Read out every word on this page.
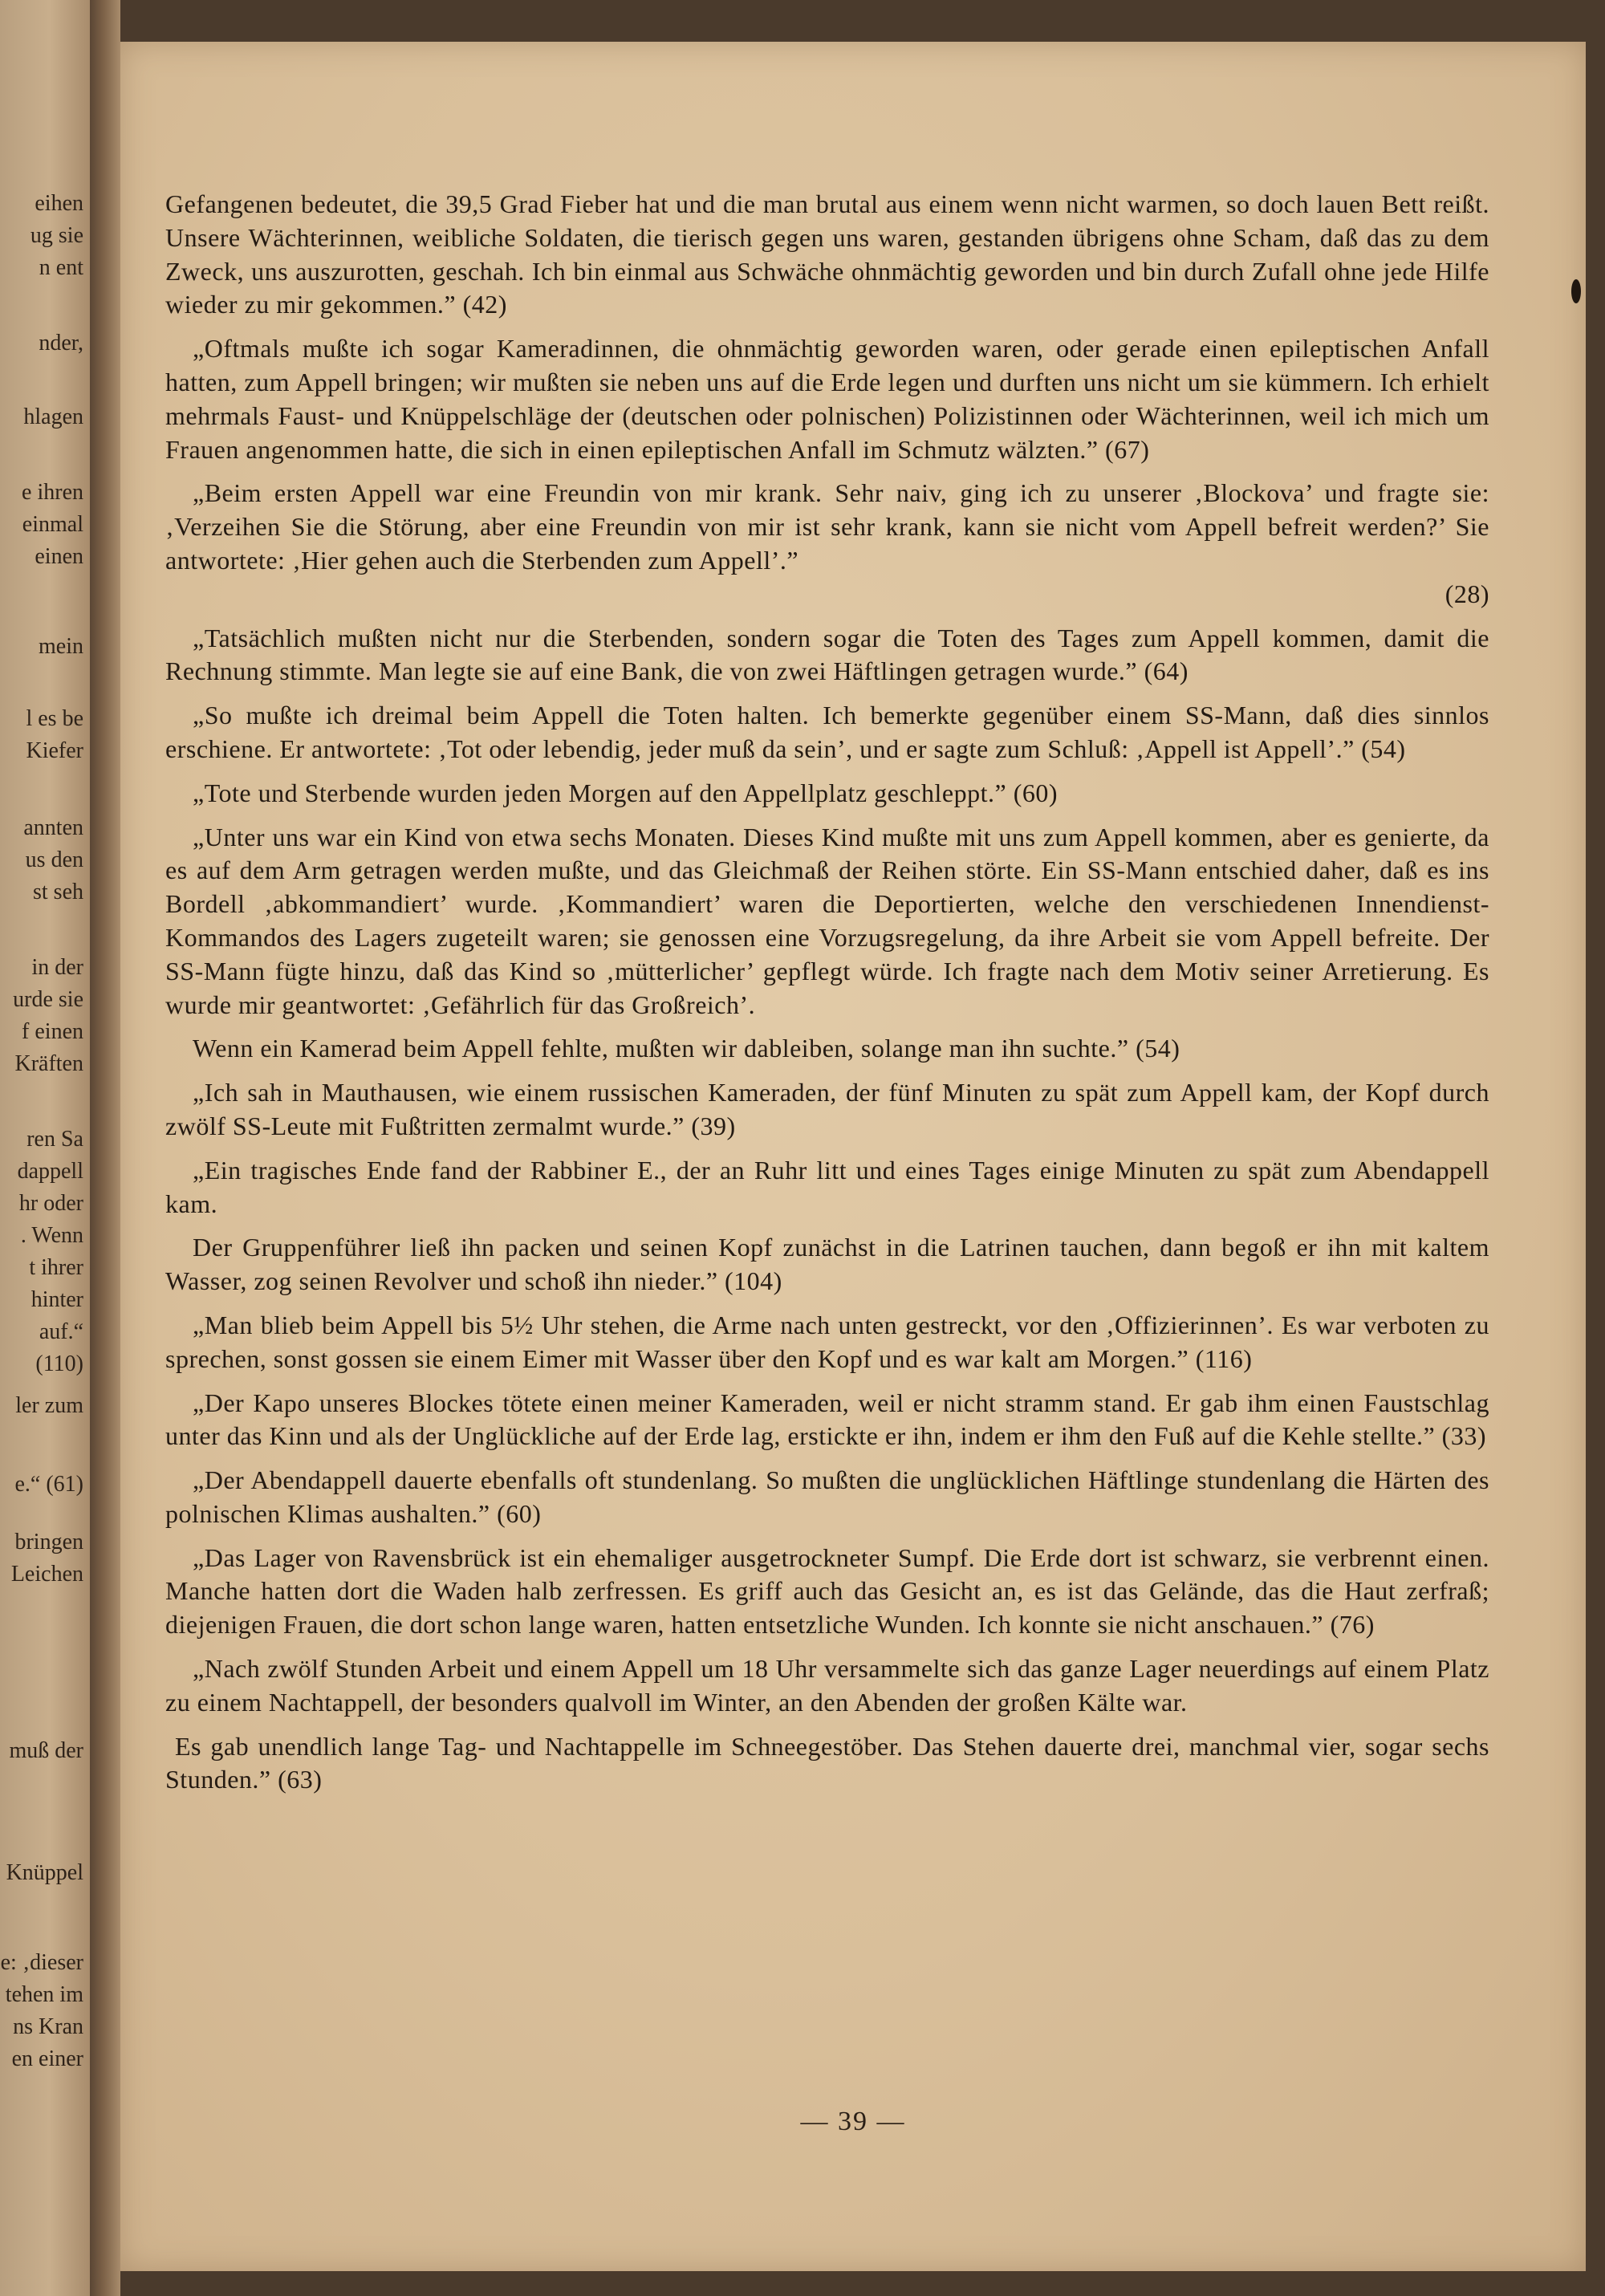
eihen
ug sie
n ent
nder,
hlagen
e ihren
einmal
einen
mein
l es be
Kiefer
annten
us den
st seh
in der
urde sie
f einen
Kräften
ren Sa
dappell
hr oder
. Wenn
t ihrer
hinter
auf.“
(110)
ler zum
e.“ (61)
bringen
Leichen
muß der
Knüppel
e: ‚dieser
tehen im
ns Kran
en einer

Gefangenen bedeutet, die 39,5 Grad Fieber hat und die man brutal aus einem wenn nicht warmen, so doch lauen Bett reißt. Unsere Wächterinnen, weibliche Soldaten, die tierisch gegen uns waren, gestanden übrigens ohne Scham, daß das zu dem Zweck, uns auszurotten, geschah. Ich bin einmal aus Schwäche ohnmächtig geworden und bin durch Zufall ohne jede Hilfe wieder zu mir gekommen.” (42)

„Oftmals mußte ich sogar Kameradinnen, die ohnmächtig geworden waren, oder gerade einen epileptischen Anfall hatten, zum Appell bringen; wir mußten sie neben uns auf die Erde legen und durften uns nicht um sie kümmern. Ich erhielt mehrmals Faust- und Knüppelschläge der (deutschen oder polnischen) Polizistinnen oder Wächterinnen, weil ich mich um Frauen angenommen hatte, die sich in einen epileptischen Anfall im Schmutz wälzten.” (67)

„Beim ersten Appell war eine Freundin von mir krank. Sehr naiv, ging ich zu unserer ‚Blockova’ und fragte sie: ‚Verzeihen Sie die Störung, aber eine Freundin von mir ist sehr krank, kann sie nicht vom Appell befreit werden?’ Sie antwortete: ‚Hier gehen auch die Sterbenden zum Appell’.”

(28)

„Tatsächlich mußten nicht nur die Sterbenden, sondern sogar die Toten des Tages zum Appell kommen, damit die Rechnung stimmte. Man legte sie auf eine Bank, die von zwei Häftlingen getragen wurde.” (64)

„So mußte ich dreimal beim Appell die Toten halten. Ich bemerkte gegenüber einem SS-Mann, daß dies sinnlos erschiene. Er antwortete: ‚Tot oder lebendig, jeder muß da sein’, und er sagte zum Schluß: ‚Appell ist Appell’.” (54)

„Tote und Sterbende wurden jeden Morgen auf den Appellplatz geschleppt.” (60)

„Unter uns war ein Kind von etwa sechs Monaten. Dieses Kind mußte mit uns zum Appell kommen, aber es genierte, da es auf dem Arm getragen werden mußte, und das Gleichmaß der Reihen störte. Ein SS-Mann entschied daher, daß es ins Bordell ‚abkommandiert’ wurde. ‚Kommandiert’ waren die Deportierten, welche den verschiedenen Innendienst-Kommandos des Lagers zugeteilt waren; sie genossen eine Vorzugsregelung, da ihre Arbeit sie vom Appell befreite. Der SS-Mann fügte hinzu, daß das Kind so ‚mütterlicher’ gepflegt würde. Ich fragte nach dem Motiv seiner Arretierung. Es wurde mir geantwortet: ‚Gefährlich für das Großreich’.

Wenn ein Kamerad beim Appell fehlte, mußten wir dableiben, solange man ihn suchte.” (54)

„Ich sah in Mauthausen, wie einem russischen Kameraden, der fünf Minuten zu spät zum Appell kam, der Kopf durch zwölf SS-Leute mit Fußtritten zermalmt wurde.” (39)

„Ein tragisches Ende fand der Rabbiner E., der an Ruhr litt und eines Tages einige Minuten zu spät zum Abendappell kam.

Der Gruppenführer ließ ihn packen und seinen Kopf zunächst in die Latrinen tauchen, dann begoß er ihn mit kaltem Wasser, zog seinen Revolver und schoß ihn nieder.” (104)

„Man blieb beim Appell bis 5½ Uhr stehen, die Arme nach unten gestreckt, vor den ‚Offizierinnen’. Es war verboten zu sprechen, sonst gossen sie einem Eimer mit Wasser über den Kopf und es war kalt am Morgen.” (116)

„Der Kapo unseres Blockes tötete einen meiner Kameraden, weil er nicht stramm stand. Er gab ihm einen Faustschlag unter das Kinn und als der Unglückliche auf der Erde lag, erstickte er ihn, indem er ihm den Fuß auf die Kehle stellte.” (33)

„Der Abendappell dauerte ebenfalls oft stundenlang. So mußten die unglücklichen Häftlinge stundenlang die Härten des polnischen Klimas aushalten.” (60)

„Das Lager von Ravensbrück ist ein ehemaliger ausgetrockneter Sumpf. Die Erde dort ist schwarz, sie verbrennt einen. Manche hatten dort die Waden halb zerfressen. Es griff auch das Gesicht an, es ist das Gelände, das die Haut zerfraß; diejenigen Frauen, die dort schon lange waren, hatten entsetzliche Wunden. Ich konnte sie nicht anschauen.” (76)

„Nach zwölf Stunden Arbeit und einem Appell um 18 Uhr versammelte sich das ganze Lager neuerdings auf einem Platz zu einem Nachtappell, der besonders qualvoll im Winter, an den Abenden der großen Kälte war.

Es gab unendlich lange Tag- und Nachtappelle im Schneegestöber. Das Stehen dauerte drei, manchmal vier, sogar sechs Stunden.” (63)

— 39 —
